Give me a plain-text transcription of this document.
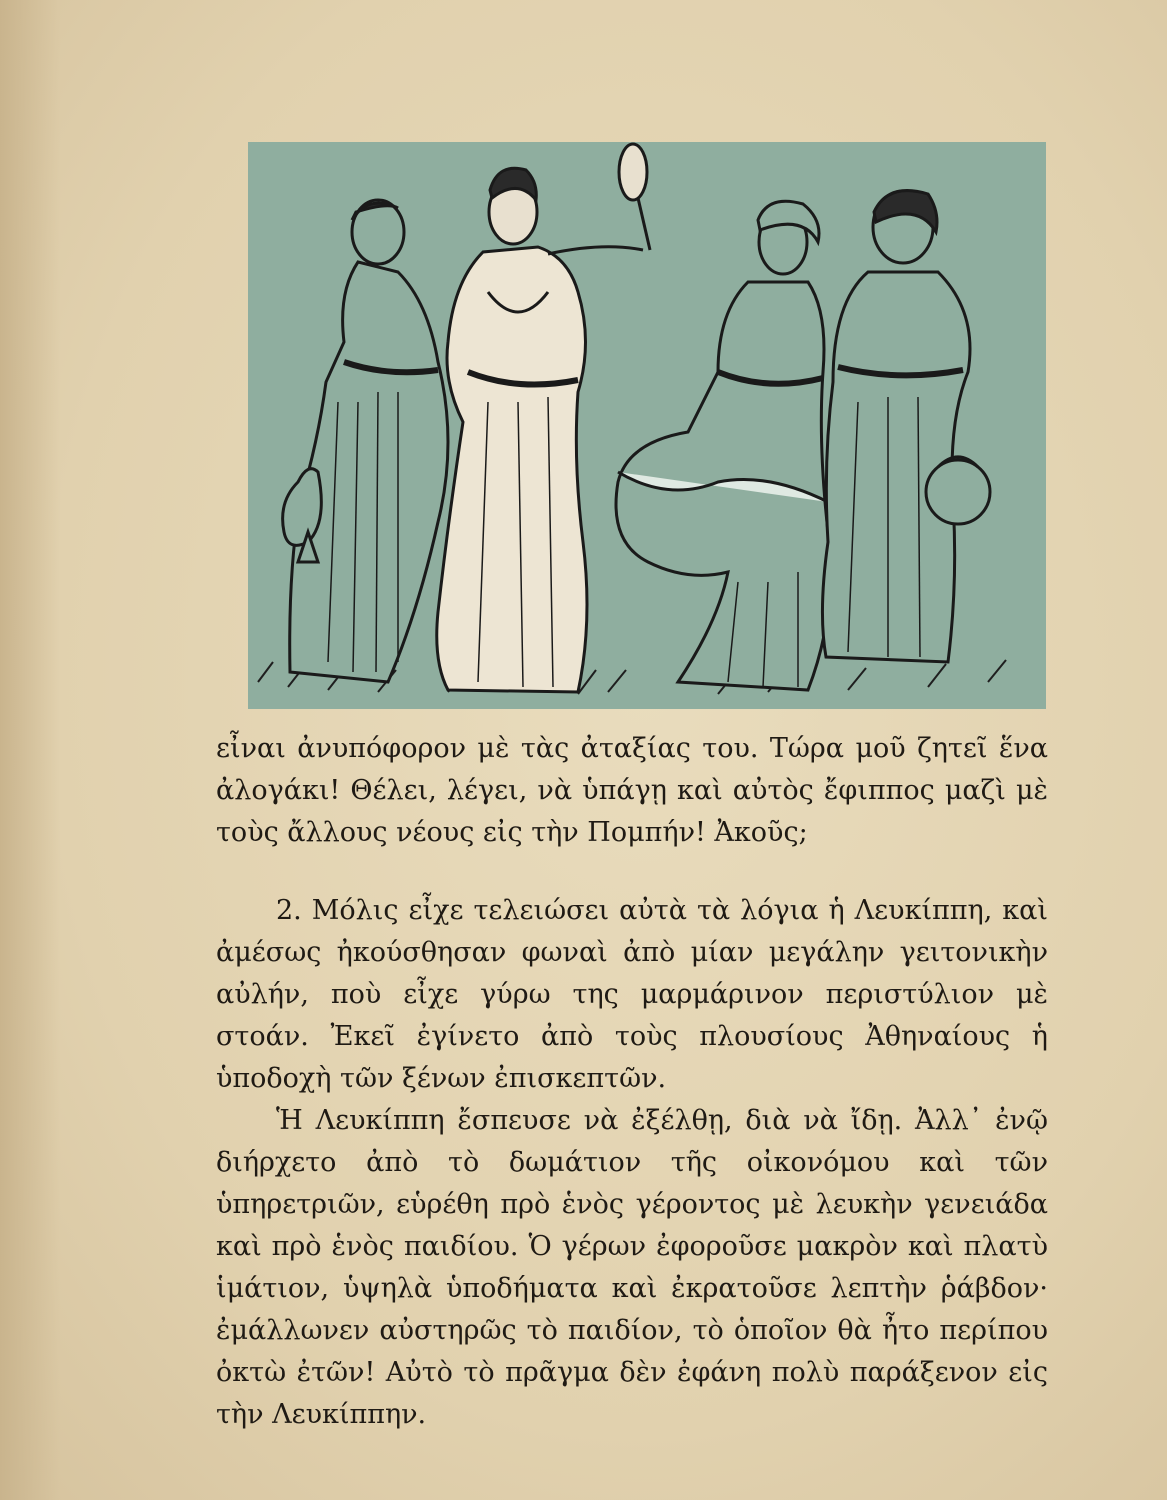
εἶναι ἀνυπόφορον μὲ τὰς ἀταξίας του. Τώρα μοῦ ζητεῖ ἕνα ἀλογάκι! Θέλει, λέγει, νὰ ὑπάγῃ καὶ αὐτὸς ἔφιππος μαζὶ μὲ τοὺς ἄλλους νέους εἰς τὴν Πομπήν! Ἀκοῦς;

2. Μόλις εἶχε τελειώσει αὐτὰ τὰ λόγια ἡ Λευκίππη, καὶ ἀμέσως ἠκούσθησαν φωναὶ ἀπὸ μίαν μεγάλην γειτονικὴν αὐλήν, ποὺ εἶχε γύρω της μαρμάρινον περιστύλιον μὲ στοάν. Ἐκεῖ ἐγίνετο ἀπὸ τοὺς πλουσίους Ἀθηναίους ἡ ὑποδοχὴ τῶν ξένων ἐπισκεπτῶν.

Ἡ Λευκίππη ἔσπευσε νὰ ἐξέλθῃ, διὰ νὰ ἴδῃ. Ἀλλ᾽ ἐνῷ διήρχετο ἀπὸ τὸ δωμάτιον τῆς οἰκονόμου καὶ τῶν ὑπηρετριῶν, εὑρέθη πρὸ ἑνὸς γέροντος μὲ λευκὴν γενειάδα καὶ πρὸ ἑνὸς παιδίου. Ὁ γέρων ἐφοροῦσε μακρὸν καὶ πλατὺ ἱμάτιον, ὑψηλὰ ὑποδήματα καὶ ἐκρατοῦσε λεπτὴν ῥάβδον· ἐμάλλωνεν αὐστηρῶς τὸ παιδίον, τὸ ὁποῖον θὰ ἦτο περίπου ὀκτὼ ἐτῶν! Αὐτὸ τὸ πρᾶγμα δὲν ἐφάνη πολὺ παράξενον εἰς τὴν Λευκίππην.
